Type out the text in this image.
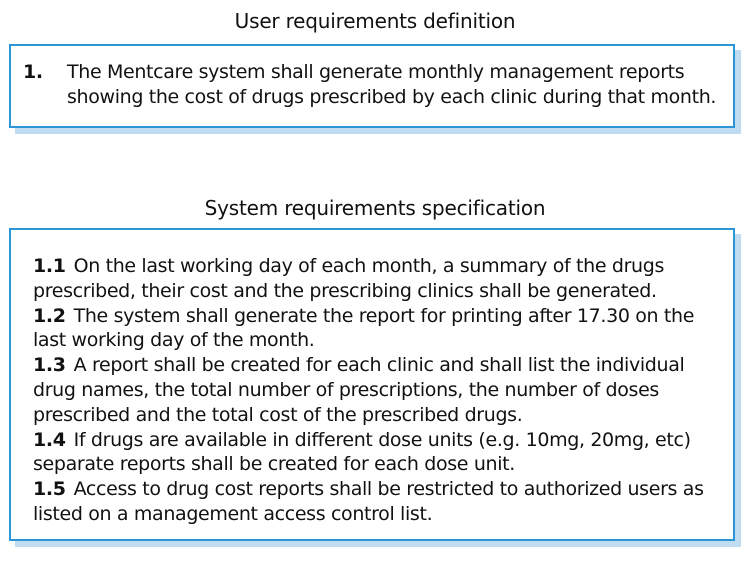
User requirements definition
1. The Mentcare system shall generate monthly management reports showing the cost of drugs prescribed by each clinic during that month.
System requirements specification

1.1 On the last working day of each month, a summary of the drugs prescribed, their cost and the prescribing clinics shall be generated.

1.2 The system shall generate the report for printing after 17.30 on the last working day of the month.

1.3 A report shall be created for each clinic and shall list the individual drug names, the total number of prescriptions, the number of doses prescribed and the total cost of the prescribed drugs.

1.4 If drugs are available in different dose units (e.g. 10mg, 20mg, etc) separate reports shall be created for each dose unit.

1.5 Access to drug cost reports shall be restricted to authorized users as listed on a management access control list.
